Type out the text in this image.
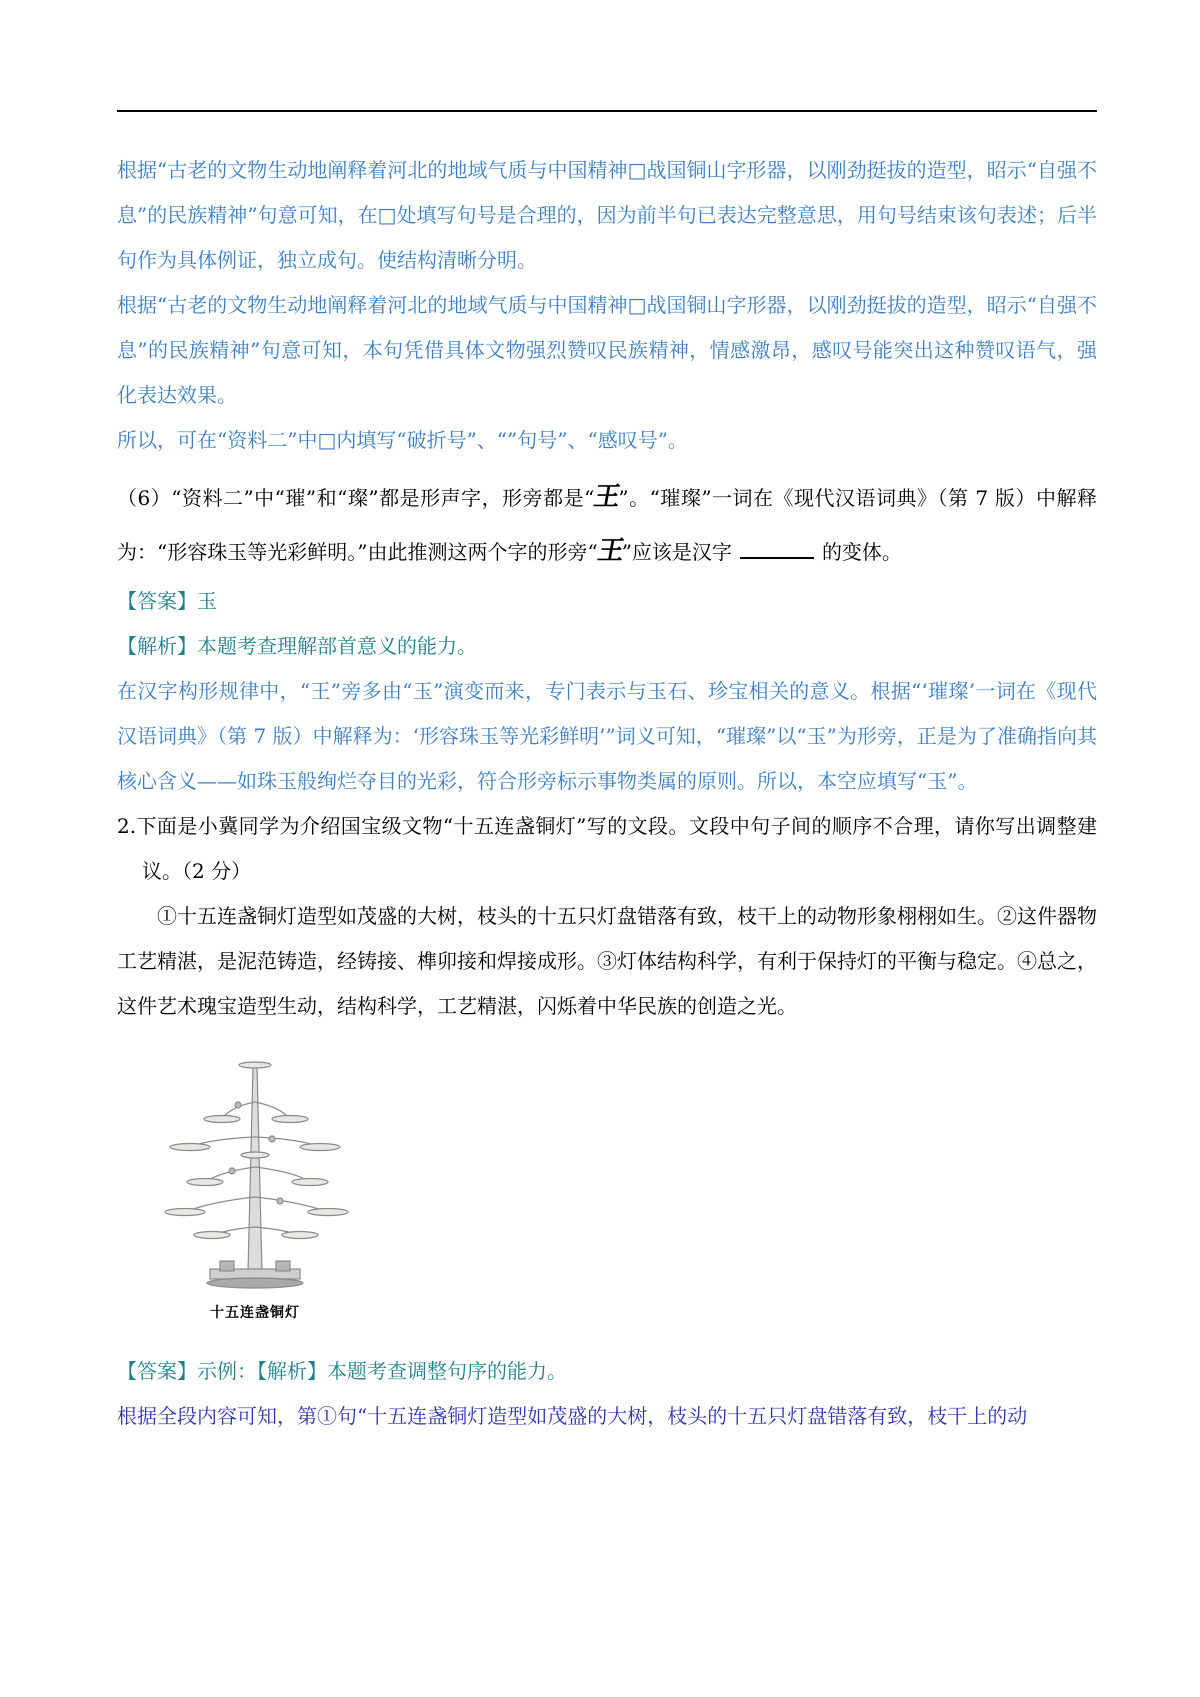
根据“古老的文物生动地阐释着河北的地域气质与中国精神□战国铜山字形器，以刚劲挺拔的造型，昭示“自强不息”的民族精神”句意可知，在□处填写句号是合理的，因为前半句已表达完整意思，用句号结束该句表述；后半句作为具体例证，独立成句。使结构清晰分明。

根据“古老的文物生动地阐释着河北的地域气质与中国精神□战国铜山字形器，以刚劲挺拔的造型，昭示“自强不息”的民族精神”句意可知，本句凭借具体文物强烈赞叹民族精神，情感激昂，感叹号能突出这种赞叹语气，强化表达效果。

所以，可在“资料二”中□内填写“破折号”、“”句号”、“感叹号”。

（6）“资料二”中“璀”和“璨”都是形声字，形旁都是“王”。“璀璨”一词在《现代汉语词典》（第 7 版）中解释为：“形容珠玉等光彩鲜明。”由此推测这两个字的形旁“王”应该是汉字	的变体。

【答案】玉

【解析】本题考查理解部首意义的能力。

在汉字构形规律中，“王”旁多由“玉”演变而来，专门表示与玉石、珍宝相关的意义。根据“‘璀璨’一词在《现代汉语词典》（第 7 版）中解释为：‘形容珠玉等光彩鲜明’”词义可知，“璀璨”以“玉”为形旁，正是为了准确指向其核心含义——如珠玉般绚烂夺目的光彩，符合形旁标示事物类属的原则。所以，本空应填写“玉”。

2.下面是小冀同学为介绍国宝级文物“十五连盏铜灯”写的文段。文段中句子间的顺序不合理，请你写出调整建议。（2 分）

①十五连盏铜灯造型如茂盛的大树，枝头的十五只灯盘错落有致，枝干上的动物形象栩栩如生。②这件器物工艺精湛，是泥范铸造，经铸接、榫卯接和焊接成形。③灯体结构科学，有利于保持灯的平衡与稳定。④总之，这件艺术瑰宝造型生动，结构科学，工艺精湛，闪烁着中华民族的创造之光。

十五连盏铜灯

【答案】示例：【解析】本题考查调整句序的能力。

根据全段内容可知，第①句“十五连盏铜灯造型如茂盛的大树，枝头的十五只灯盘错落有致，枝干上的动
